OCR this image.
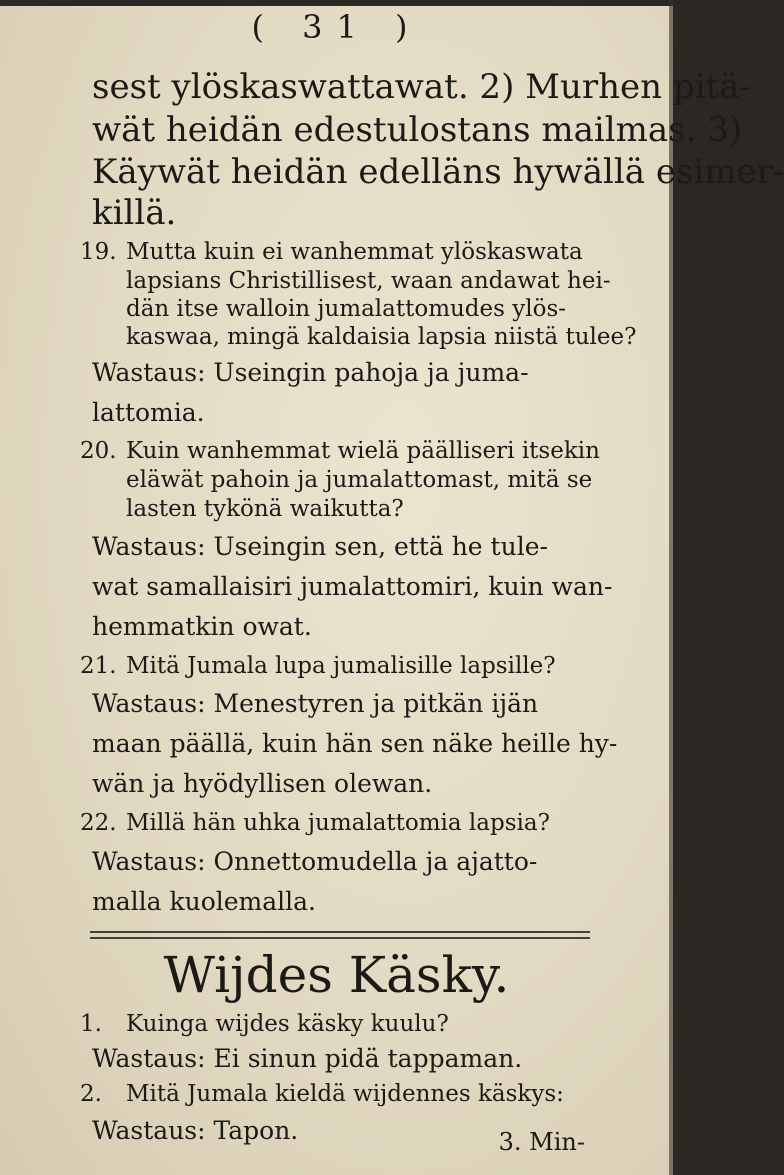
( 31 )
sest ylöskaswattawat. 2) Murhen pitä-
wät heidän edestulostans mailmas. 3)
Käywät heidän edelläns hywällä esimer-
killä.
19. Mutta kuin ei wanhemmat ylöskaswata
lapsians Christillisest, waan andawat hei-
dän itse walloin jumalattomudes ylös-
kaswaa, mingä kaldaisia lapsia niistä tulee?
Wastaus: Useingin pahoja ja juma-
lattomia.
20. Kuin wanhemmat wielä päälliseri itsekin
eläwät pahoin ja jumalattomast, mitä se
lasten tykönä waikutta?
Wastaus: Useingin sen, että he tule-
wat samallaisiri jumalattomiri, kuin wan-
hemmatkin owat.
21. Mitä Jumala lupa jumalisille lapsille?
Wastaus: Menestyren ja pitkän ijän
maan päällä, kuin hän sen näke heille hy-
wän ja hyödyllisen olewan.
22. Millä hän uhka jumalattomia lapsia?
Wastaus: Onnettomudella ja ajatto-
malla kuolemalla.
Wijdes Käsky.
1. Kuinga wijdes käsky kuulu?
Wastaus: Ei sinun pidä tappaman.
2. Mitä Jumala kieldä wijdennes käskys:
Wastaus: Tapon.	3. Min-
